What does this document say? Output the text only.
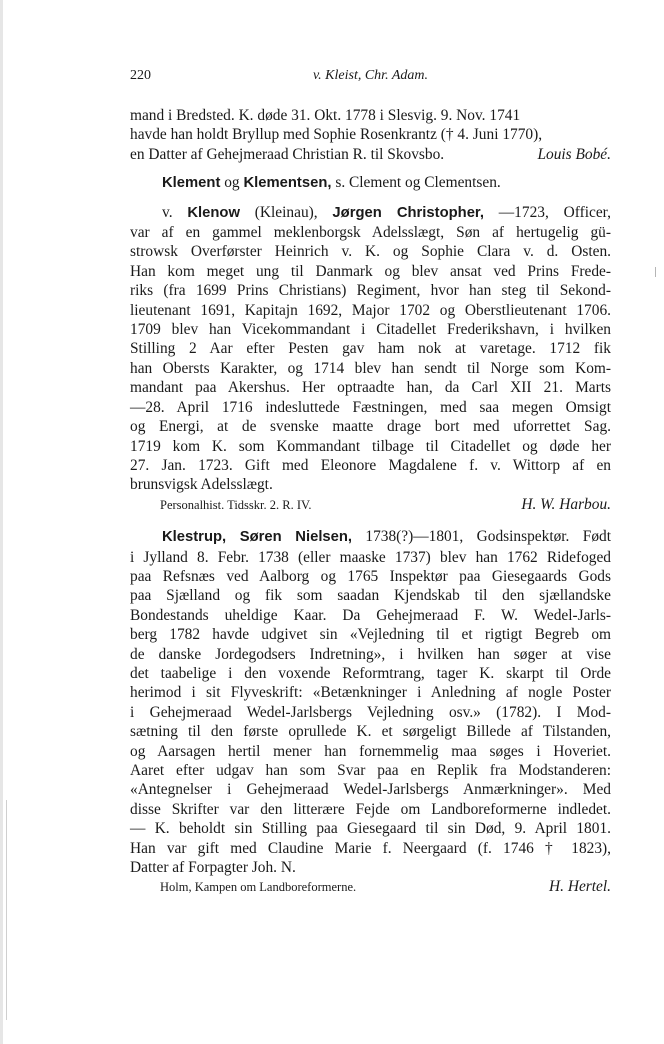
220	v. Kleist, Chr. Adam.

mand i Bredsted. K. døde 31. Okt. 1778 i Slesvig. 9. Nov. 1741

havde han holdt Bryllup med Sophie Rosenkrantz († 4. Juni 1770),

en Datter af Gehejmeraad Christian R. til Skovsbo.	Louis Bobé.

Klement og Klementsen, s. Clement og Clementsen.

v. Klenow (Kleinau), Jørgen Christopher, —1723, Officer,

var af en gammel meklenborgsk Adelsslægt, Søn af hertugelig gü-

strowsk Overførster Heinrich v. K. og Sophie Clara v. d. Osten.

Han kom meget ung til Danmark og blev ansat ved Prins Frede-

riks (fra 1699 Prins Christians) Regiment, hvor han steg til Sekond-

lieutenant 1691, Kapitajn 1692, Major 1702 og Oberstlieutenant 1706.

1709 blev han Vicekommandant i Citadellet Frederikshavn, i hvilken

Stilling 2 Aar efter Pesten gav ham nok at varetage. 1712 fik

han Obersts Karakter, og 1714 blev han sendt til Norge som Kom-

mandant paa Akershus. Her optraadte han, da Carl XII 21. Marts

—28. April 1716 indesluttede Fæstningen, med saa megen Omsigt

og Energi, at de svenske maatte drage bort med uforrettet Sag.

1719 kom K. som Kommandant tilbage til Citadellet og døde her

27. Jan. 1723. Gift med Eleonore Magdalene f. v. Wittorp af en

brunsvigsk Adelsslægt.

Personalhist. Tidsskr. 2. R. IV.	H. W. Harbou.

Klestrup, Søren Nielsen, 1738(?)—1801, Godsinspektør. Født

i Jylland 8. Febr. 1738 (eller maaske 1737) blev han 1762 Ridefoged

paa Refsnæs ved Aalborg og 1765 Inspektør paa Giesegaards Gods

paa Sjælland og fik som saadan Kjendskab til den sjællandske

Bondestands uheldige Kaar. Da Gehejmeraad F. W. Wedel-Jarls-

berg 1782 havde udgivet sin «Vejledning til et rigtigt Begreb om

de danske Jordegodsers Indretning», i hvilken han søger at vise

det taabelige i den voxende Reformtrang, tager K. skarpt til Orde

herimod i sit Flyveskrift: «Betænkninger i Anledning af nogle Poster

i Gehejmeraad Wedel-Jarlsbergs Vejledning osv.» (1782). I Mod-

sætning til den første oprullede K. et sørgeligt Billede af Tilstanden,

og Aarsagen hertil mener han fornemmelig maa søges i Hoveriet.

Aaret efter udgav han som Svar paa en Replik fra Modstanderen:

«Antegnelser i Gehejmeraad Wedel-Jarlsbergs Anmærkninger». Med

disse Skrifter var den litterære Fejde om Landboreformerne indledet.

— K. beholdt sin Stilling paa Giesegaard til sin Død, 9. April 1801.

Han var gift med Claudine Marie f. Neergaard (f. 1746 † 1823),

Datter af Forpagter Joh. N.

Holm, Kampen om Landboreformerne.	H. Hertel.
